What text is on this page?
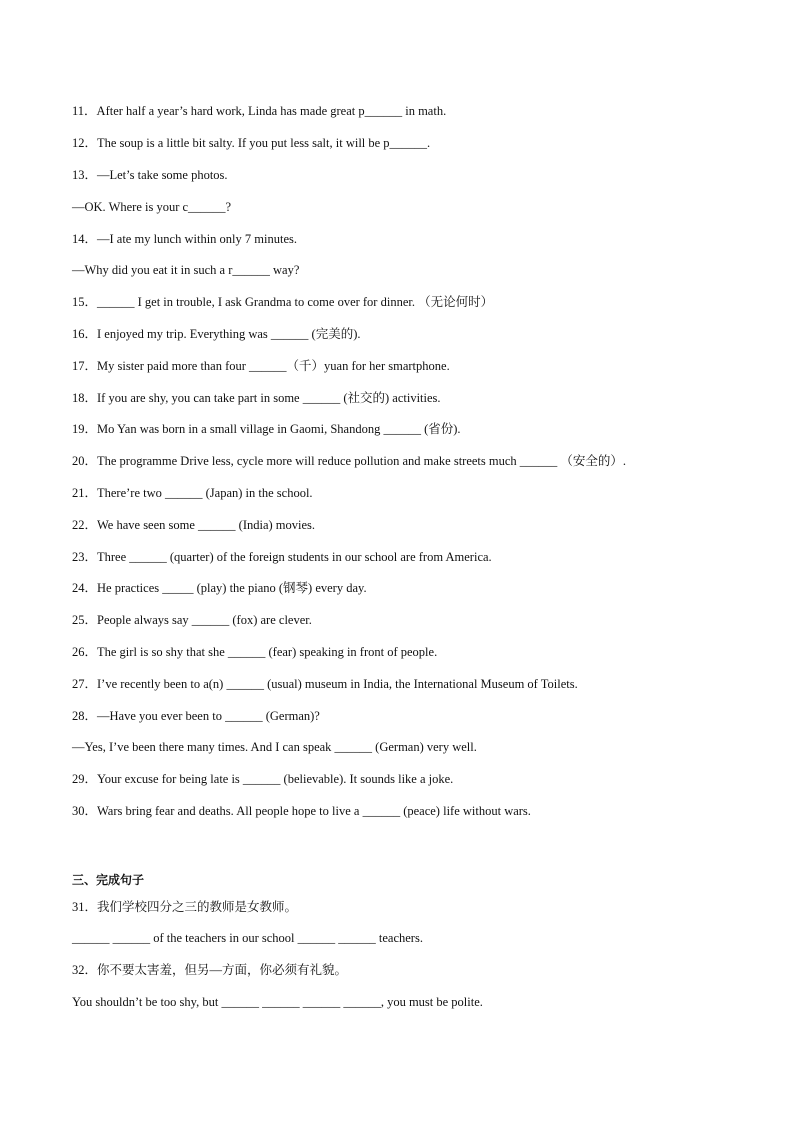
11．After half a year’s hard work, Linda has made great p______ in math.
12．The soup is a little bit salty. If you put less salt, it will be p______.
13．—Let’s take some photos.
—OK. Where is your c______?
14．—I ate my lunch within only 7 minutes.
—Why did you eat it in such a r______ way?
15．______ I get in trouble, I ask Grandma to come over for dinner. （无论何时）
16．I enjoyed my trip. Everything was ______ (完美的).
17．My sister paid more than four ______（千）yuan for her smartphone.
18．If you are shy, you can take part in some ______ (社交的) activities.
19．Mo Yan was born in a small village in Gaomi, Shandong ______ (省份).
20．The programme Drive less, cycle more will reduce pollution and make streets much ______ （安全的）.
21．There’re two ______ (Japan) in the school.
22．We have seen some ______ (India) movies.
23．Three ______ (quarter) of the foreign students in our school are from America.
24．He practices _____ (play) the piano (钢琴) every day.
25．People always say ______ (fox) are clever.
26．The girl is so shy that she ______ (fear) speaking in front of people.
27．I’ve recently been to a(n) ______ (usual) museum in India, the International Museum of Toilets.
28．—Have you ever been to ______ (German)?
—Yes, I’ve been there many times. And I can speak ______ (German) very well.
29．Your excuse for being late is ______ (believable). It sounds like a joke.
30．Wars bring fear and deaths. All people hope to live a ______ (peace) life without wars.
三、完成句子
31．我们学校四分之三的教师是女教师。
______ ______ of the teachers in our school ______ ______ teachers.
32．你不要太害羞，但另—方面，你必须有礼貌。
You shouldn’t be too shy, but ______ ______ ______ ______, you must be polite.
